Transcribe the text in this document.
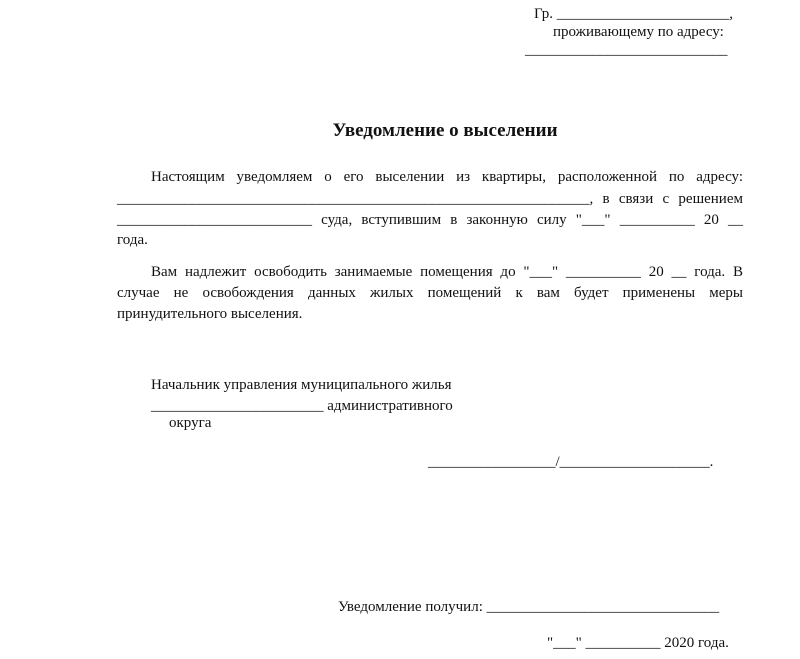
Гр. _______________________,
проживающему по адресу:
___________________________
Уведомление о выселении
Настоящим уведомляем о его выселении из квартиры, расположенной по адресу:
_______________________________________________________________, в связи с решением
__________________________ суда, вступившим в законную силу "___" __________ 20 __
года.
Вам надлежит освободить занимаемые помещения до "___" __________ 20 __ года. В
случае не освобождения данных жилых помещений к вам будет применены меры
принудительного выселения.
Начальник управления муниципального жилья
_______________________ административного
округа
_________________/____________________.
Уведомление получил: _______________________________
"___" __________ 2020 года.
